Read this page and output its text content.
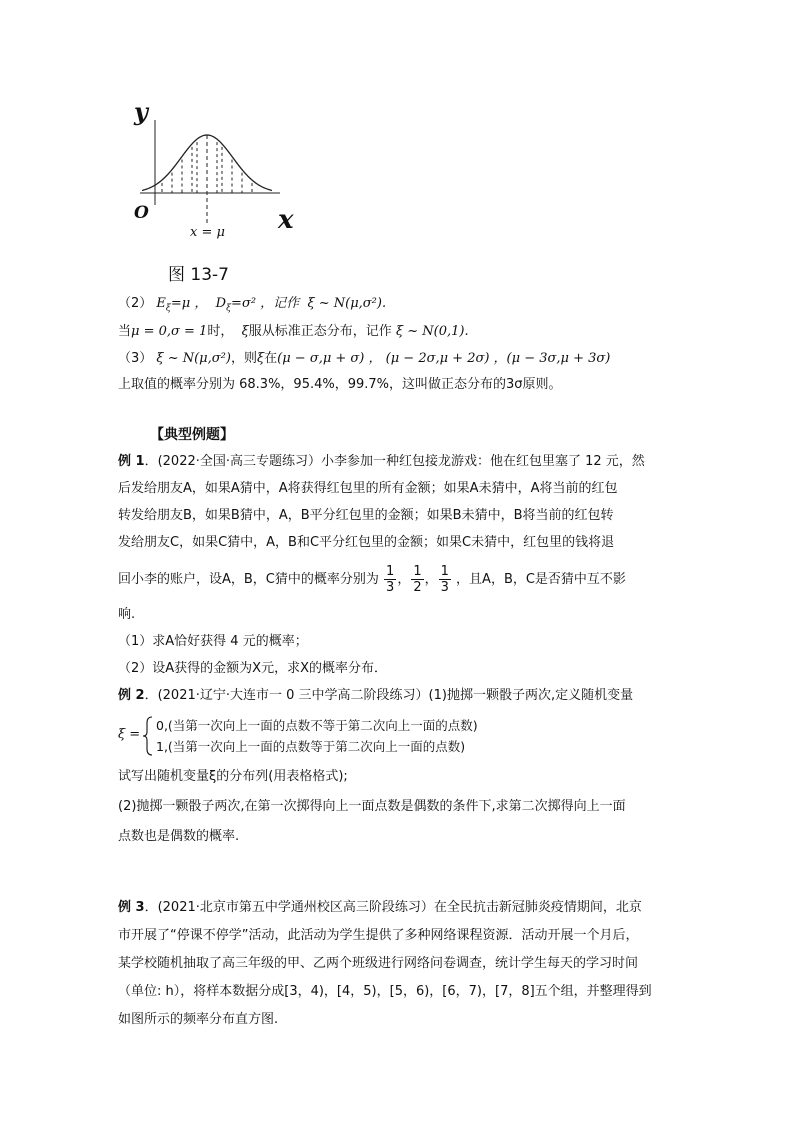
y
x
O
x = μ
图 13-7
（2） $E_\xi=\mu$ ， $D_\xi=\sigma^2$ ，记作 ξ ~ N(μ,σ²).
当μ = 0,σ = 1时， ξ服从标准正态分布，记作 ξ ~ N(0,1).
（3） ξ ~ N(μ,σ²)，则ξ在(μ − σ,μ + σ) ， (μ − 2σ,μ + 2σ) ，(μ − 3σ,μ + 3σ)
上取值的概率分别为 68.3%，95.4%，99.7%，这叫做正态分布的3σ原则。
【典型例题】
例 1．(2022·全国·高三专题练习）小李参加一种红包接龙游戏：他在红包里塞了 12 元，然
后发给朋友A，如果A猜中，A将获得红包里的所有金额；如果A未猜中，A将当前的红包
转发给朋友B，如果B猜中，A，B平分红包里的金额；如果B未猜中，B将当前的红包转
发给朋友C，如果C猜中，A，B和C平分红包里的金额；如果C未猜中，红包里的钱将退
回小李的账户，设A，B，C猜中的概率分别为 $\frac{1}{3}$ ， $\frac{1}{2}$ ， $\frac{1}{3}$ ，且A，B，C是否猜中互不影
响.
（1）求A恰好获得 4 元的概率；
（2）设A获得的金额为X元，求X的概率分布．
例 2．(2021·辽宁·大连市一 0 三中学高二阶段练习）(1)抛掷一颗骰子两次,定义随机变量
ξ =
0,(当第一次向上一面的点数不等于第二次向上一面的点数)
1,(当第一次向上一面的点数等于第二次向上一面的点数)
试写出随机变量ξ的分布列(用表格格式);
(2)抛掷一颗骰子两次,在第一次掷得向上一面点数是偶数的条件下,求第二次掷得向上一面
点数也是偶数的概率.
例 3．(2021·北京市第五中学通州校区高三阶段练习）在全民抗击新冠肺炎疫情期间，北京
市开展了“停课不停学”活动，此活动为学生提供了多种网络课程资源．活动开展一个月后，
某学校随机抽取了高三年级的甲、乙两个班级进行网络问卷调查，统计学生每天的学习时间
（单位: h），将样本数据分成[3，4)，[4，5)，[5，6)，[6，7)，[7，8]五个组，并整理得到
如图所示的频率分布直方图.
